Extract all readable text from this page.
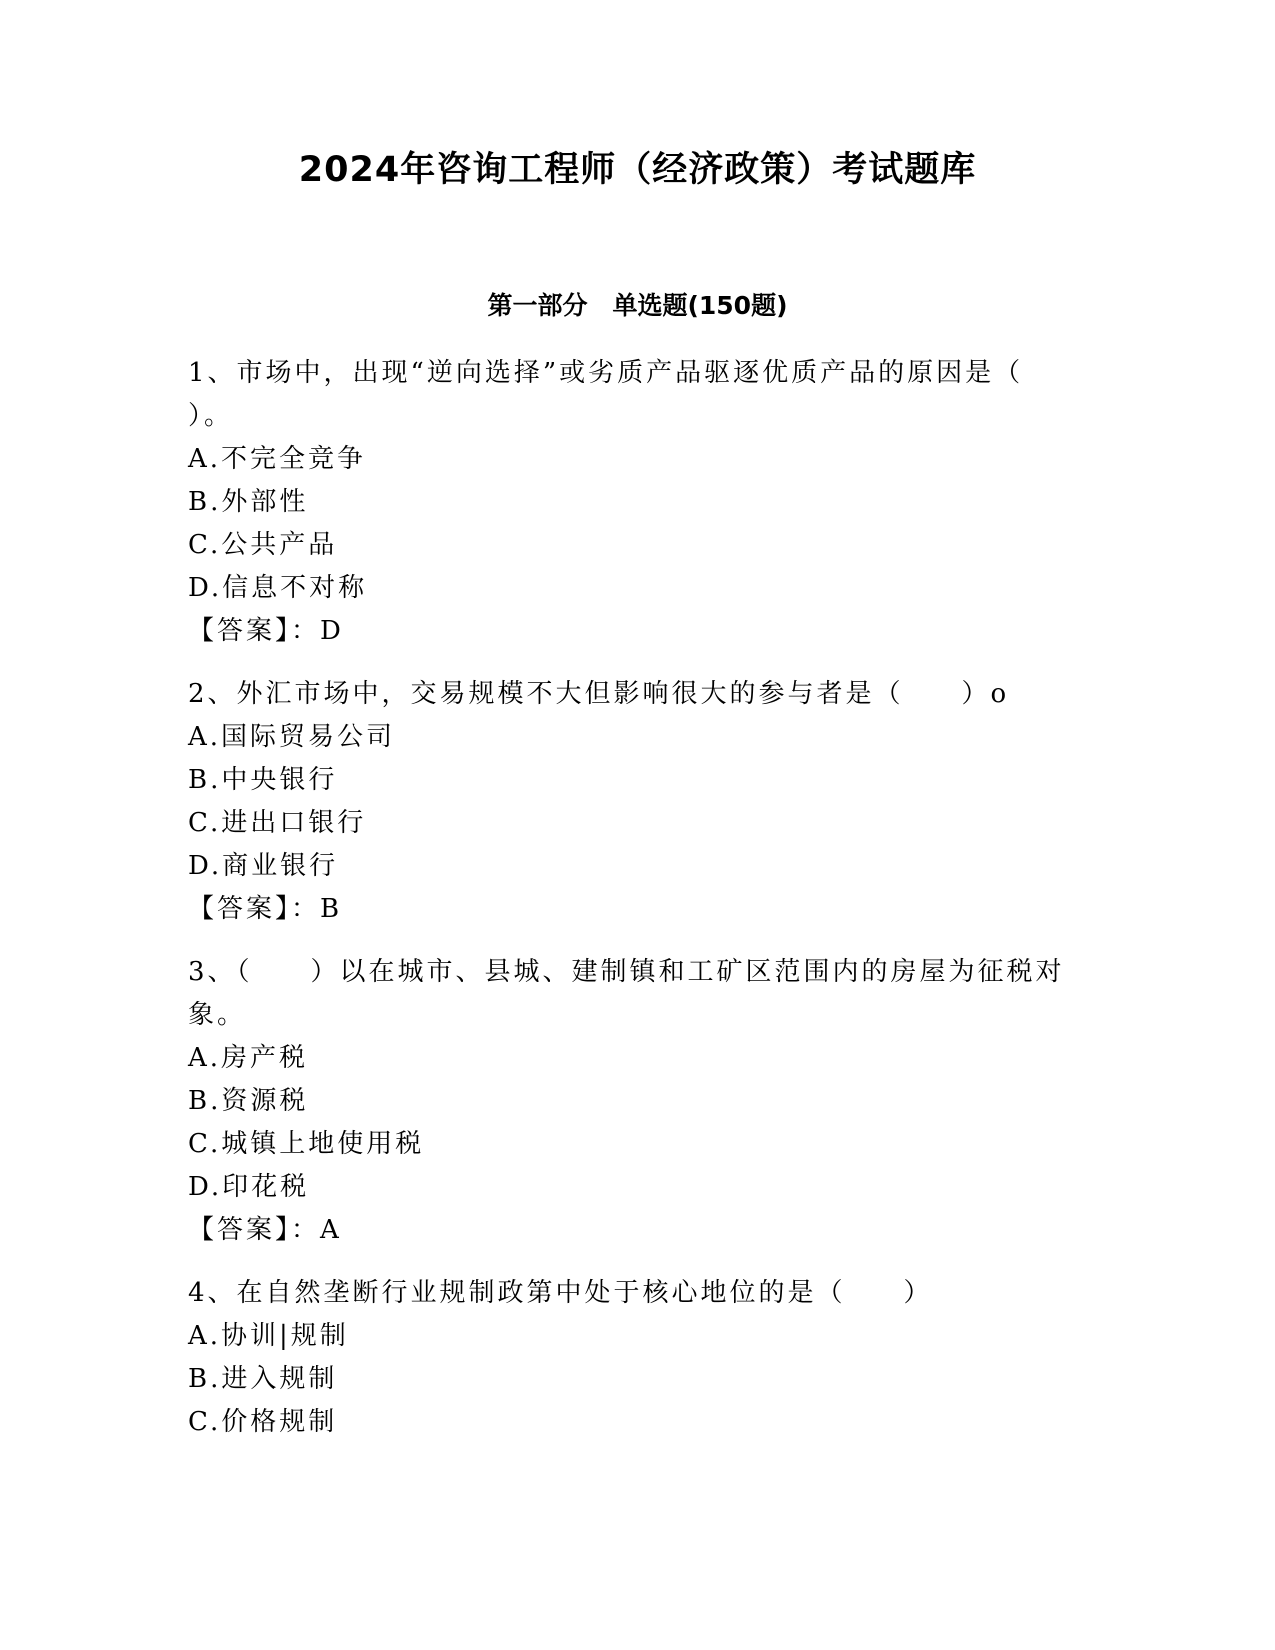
2024年咨询工程师（经济政策）考试题库
第一部分　单选题(150题)
1、市场中，出现“逆向选择”或劣质产品驱逐优质产品的原因是（
）。
A.不完全竞争
B.外部性
C.公共产品
D.信息不对称
【答案】：D
2、外汇市场中，交易规模不大但影响很大的参与者是（　　）o
A.国际贸易公司
B.中央银行
C.进出口银行
D.商业银行
【答案】：B
3、（　　）以在城市、县城、建制镇和工矿区范围内的房屋为征税对
象。
A.房产税
B.资源税
C.城镇上地使用税
D.印花税
【答案】：A
4、在自然垄断行业规制政第中处于核心地位的是（　　）
A.协训|规制
B.进入规制
C.价格规制
